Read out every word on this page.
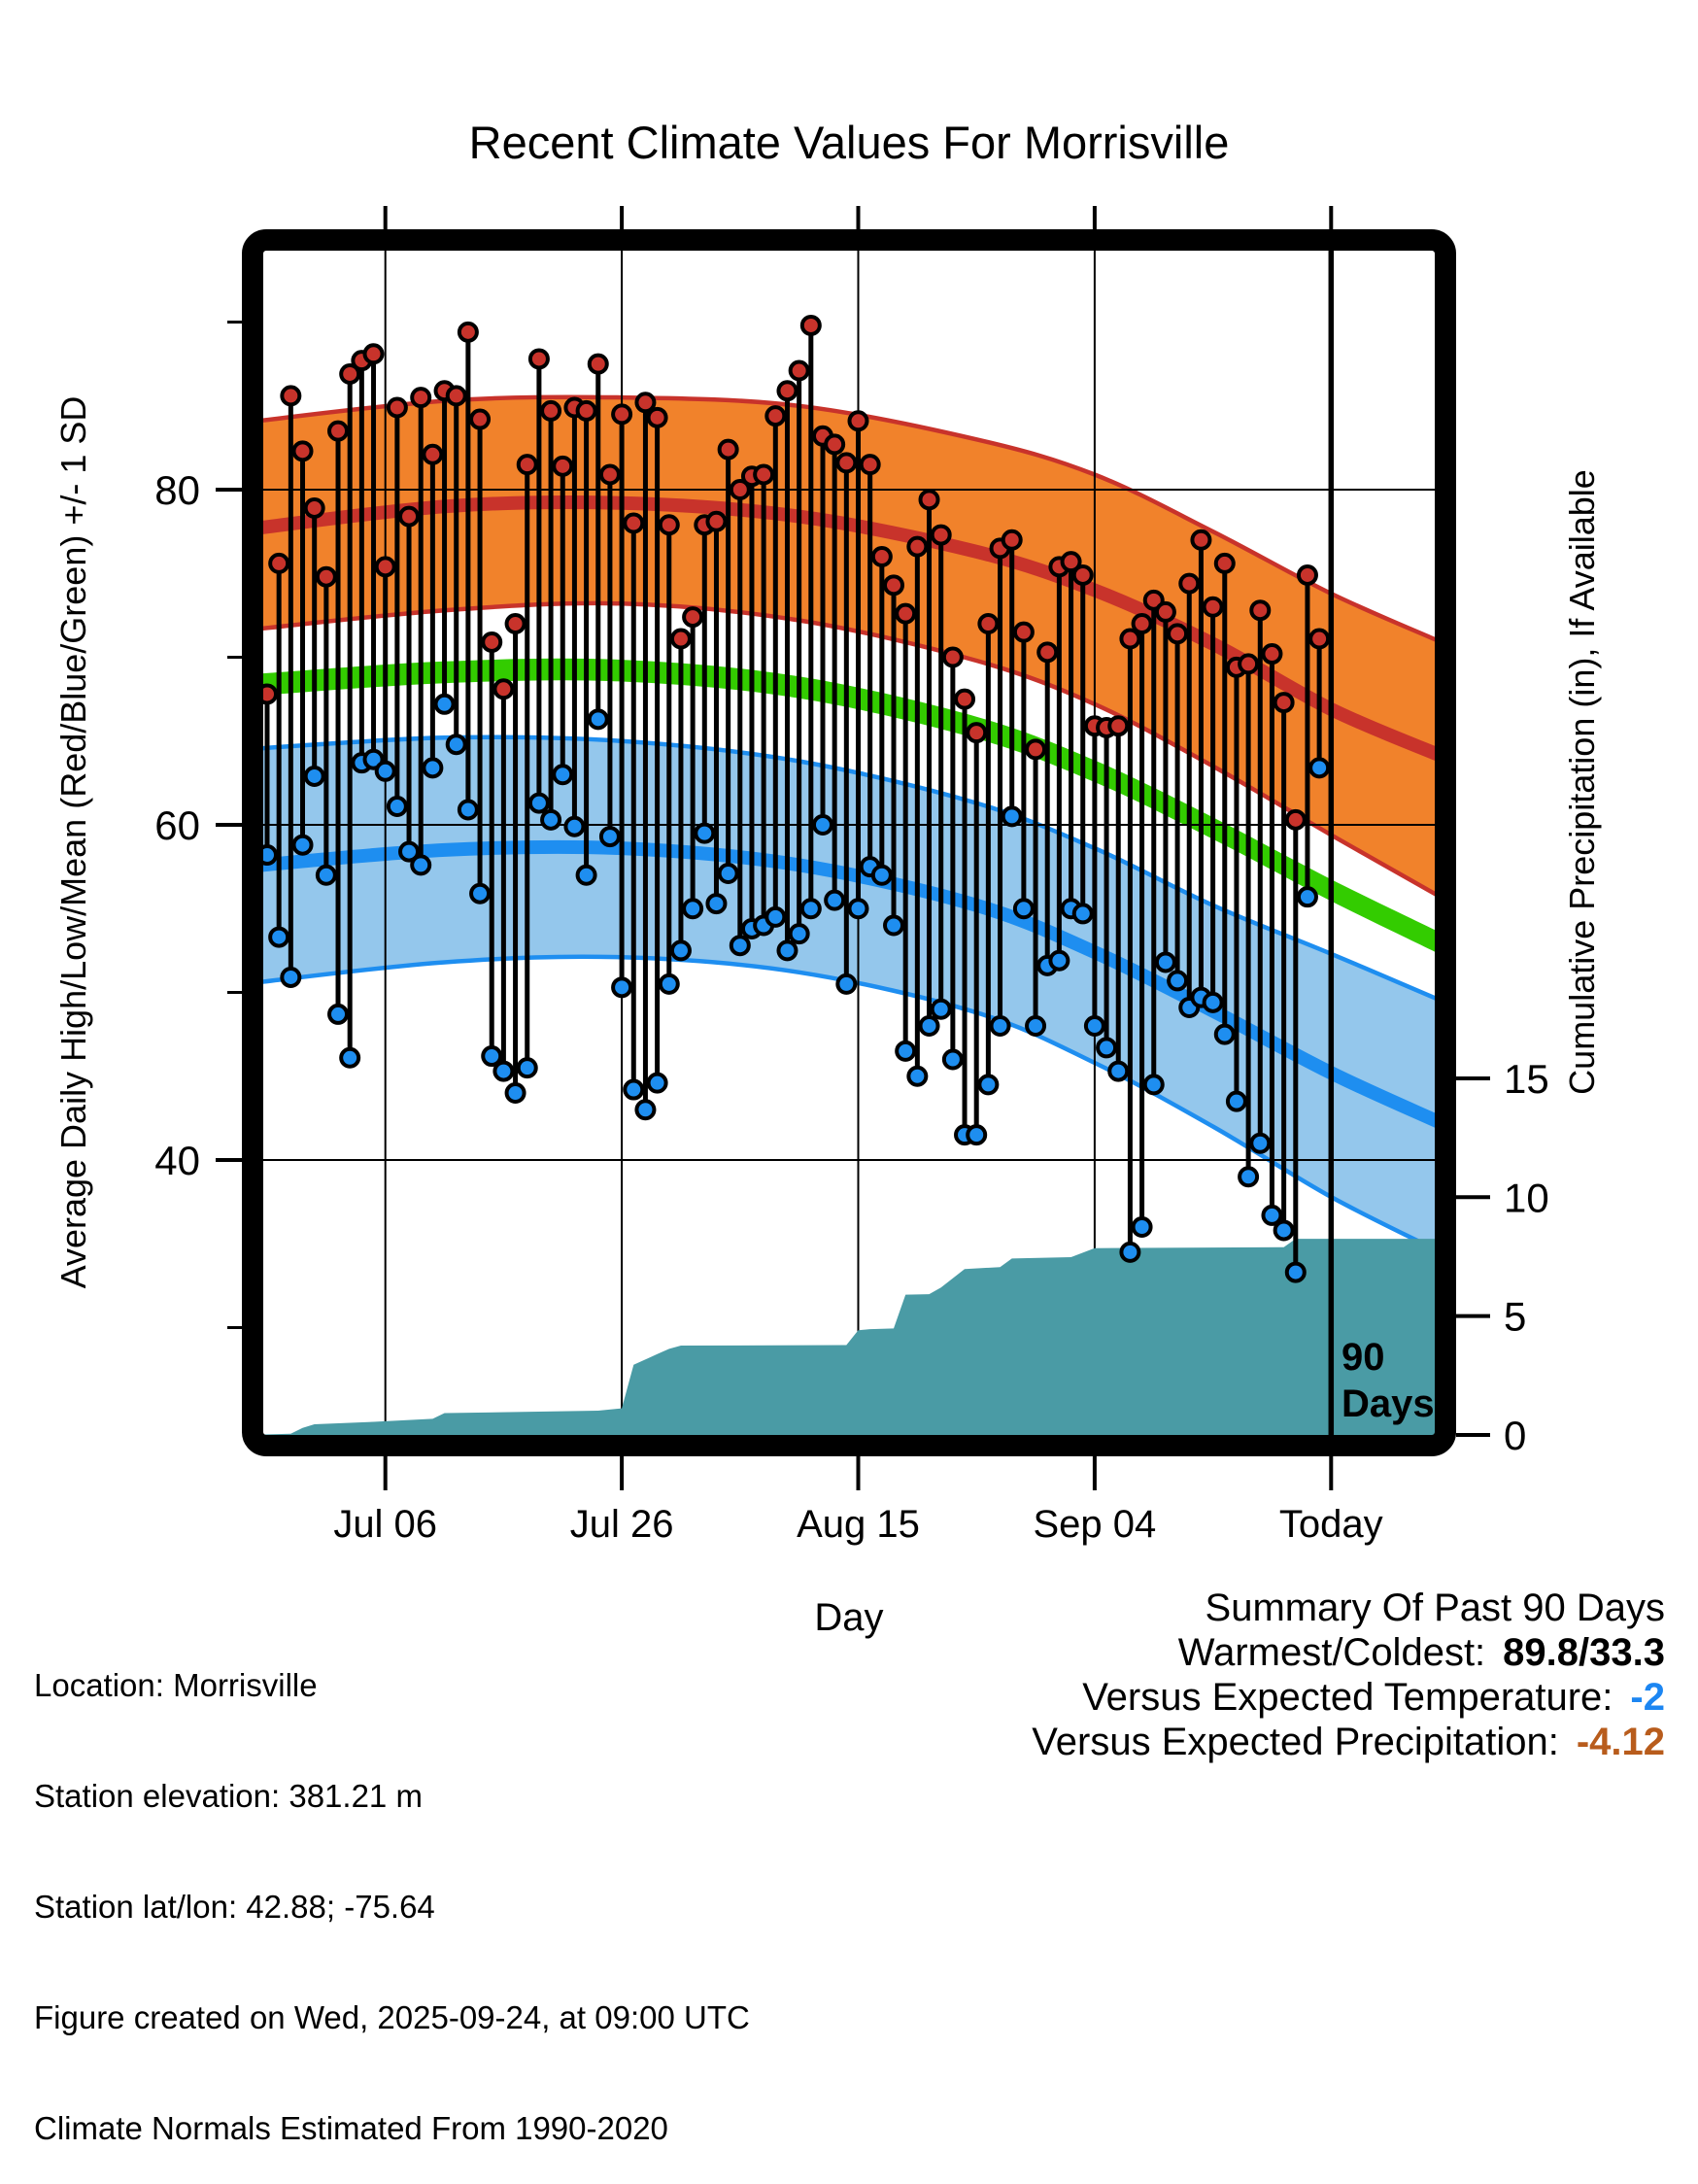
Recent Climate Values For Morrisville
80
60
40
15
10
5
0
Jul 06	Jul 26	Aug 15	Sep 04	Today
90
Days
Average Daily High/Low/Mean (Red/Blue/Green) +/- 1 SD	Cumulative Precipitation (in), If Available
Day

Location: Morrisville

Station elevation: 381.21 m

Station lat/lon: 42.88; -75.64

Figure created on Wed, 2025-09-24, at 09:00 UTC

Climate Normals Estimated From 1990-2020

Summary Of Past 90 Days
Warmest/Coldest: 89.8/33.3
Versus Expected Temperature: -2
Versus Expected Precipitation: -4.12
